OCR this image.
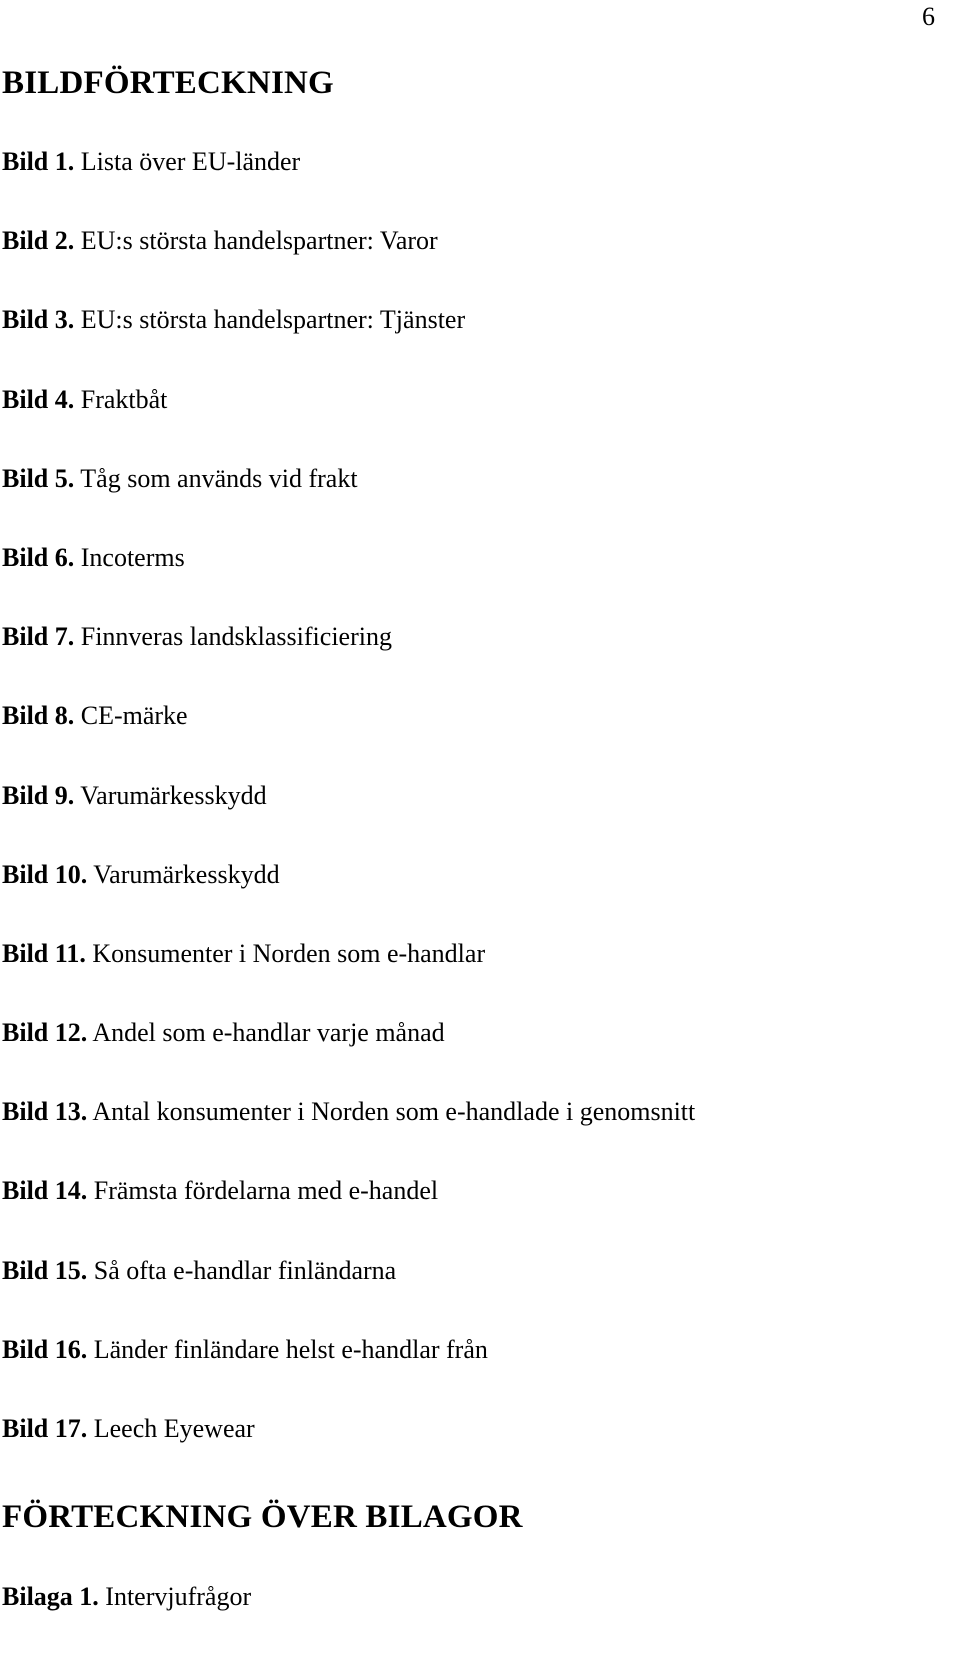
6
BILDFÖRTECKNING
Bild 1. Lista över EU-länder
Bild 2. EU:s största handelspartner: Varor
Bild 3. EU:s största handelspartner: Tjänster
Bild 4. Fraktbåt
Bild 5. Tåg som används vid frakt
Bild 6. Incoterms
Bild 7. Finnveras landsklassificiering
Bild 8. CE-märke
Bild 9. Varumärkesskydd
Bild 10. Varumärkesskydd
Bild 11. Konsumenter i Norden som e-handlar
Bild 12. Andel som e-handlar varje månad
Bild 13. Antal konsumenter i Norden som e-handlade i genomsnitt
Bild 14. Främsta fördelarna med e-handel
Bild 15. Så ofta e-handlar finländarna
Bild 16. Länder finländare helst e-handlar från
Bild 17. Leech Eyewear
FÖRTECKNING ÖVER BILAGOR
Bilaga 1. Intervjufrågor
